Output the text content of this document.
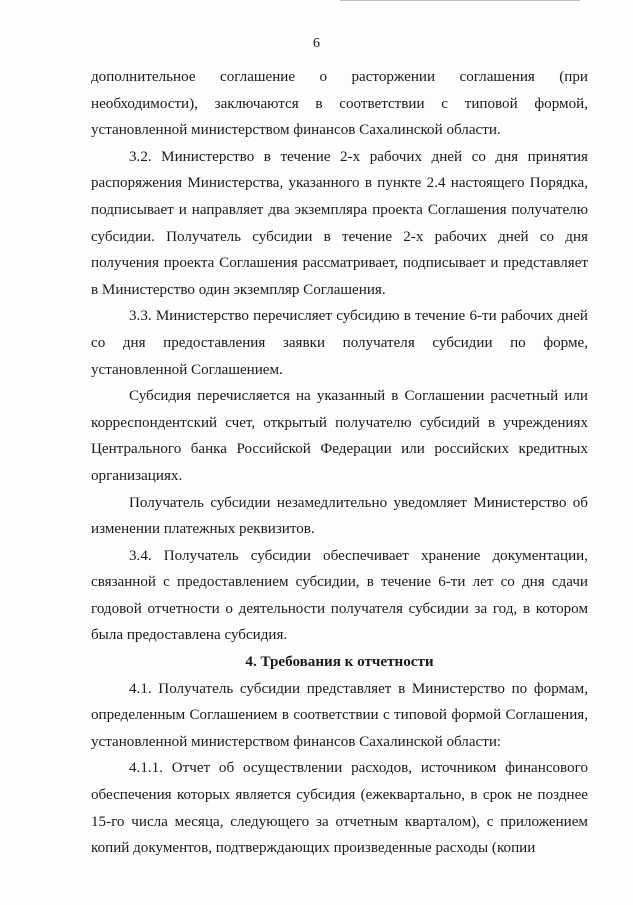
6

дополнительное соглашение о расторжении соглашения (при необходимости), заключаются в соответствии с типовой формой, установленной министерством финансов Сахалинской области.

3.2. Министерство в течение 2-х рабочих дней со дня принятия распоряжения Министерства, указанного в пункте 2.4 настоящего Порядка, подписывает и направляет два экземпляра проекта Соглашения получателю субсидии. Получатель субсидии в течение 2-х рабочих дней со дня получения проекта Соглашения рассматривает, подписывает и представляет в Министерство один экземпляр Соглашения.

3.3. Министерство перечисляет субсидию в течение 6-ти рабочих дней со дня предоставления заявки получателя субсидии по форме, установленной Соглашением.

Субсидия перечисляется на указанный в Соглашении расчетный или корреспондентский счет, открытый получателю субсидий в учреждениях Центрального банка Российской Федерации или российских кредитных организациях.

Получатель субсидии незамедлительно уведомляет Министерство об изменении платежных реквизитов.

3.4. Получатель субсидии обеспечивает хранение документации, связанной с предоставлением субсидии, в течение 6-ти лет со дня сдачи годовой отчетности о деятельности получателя субсидии за год, в котором была предоставлена субсидия.

4. Требования к отчетности

4.1. Получатель субсидии представляет в Министерство по формам, определенным Соглашением в соответствии с типовой формой Соглашения, установленной министерством финансов Сахалинской области:

4.1.1. Отчет об осуществлении расходов, источником финансового обеспечения которых является субсидия (ежеквартально, в срок не позднее 15-го числа месяца, следующего за отчетным кварталом), с приложением копий документов, подтверждающих произведенные расходы (копии
